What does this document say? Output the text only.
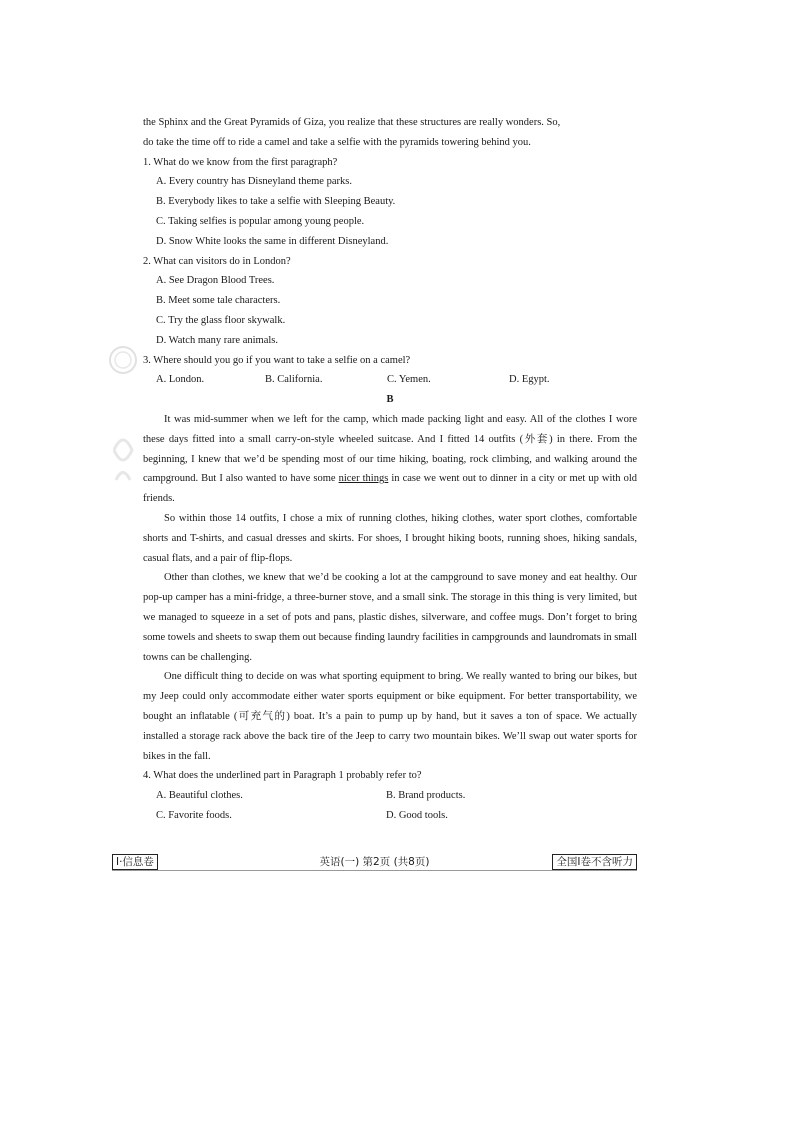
the Sphinx and the Great Pyramids of Giza, you realize that these structures are really wonders. So,

do take the time off to ride a camel and take a selfie with the pyramids towering behind you.

1. What do we know from the first paragraph?

A. Every country has Disneyland theme parks.

B. Everybody likes to take a selfie with Sleeping Beauty.

C. Taking selfies is popular among young people.

D. Snow White looks the same in different Disneyland.

2. What can visitors do in London?

A. See Dragon Blood Trees.

B. Meet some tale characters.

C. Try the glass floor skywalk.

D. Watch many rare animals.

3. Where should you go if you want to take a selfie on a camel?

A. London.	B. California.	C. Yemen.	D. Egypt.

B

It was mid-summer when we left for the camp, which made packing light and easy. All of the clothes I wore these days fitted into a small carry-on-style wheeled suitcase. And I fitted 14 outfits (外套) in there. From the beginning, I knew that we’d be spending most of our time hiking, boating, rock climbing, and walking around the campground. But I also wanted to have some nicer things in case we went out to dinner in a city or met up with old friends.

So within those 14 outfits, I chose a mix of running clothes, hiking clothes, water sport clothes, comfortable shorts and T-shirts, and casual dresses and skirts. For shoes, I brought hiking boots, running shoes, hiking sandals, casual flats, and a pair of flip-flops.

Other than clothes, we knew that we’d be cooking a lot at the campground to save money and eat healthy. Our pop-up camper has a mini-fridge, a three-burner stove, and a small sink. The storage in this thing is very limited, but we managed to squeeze in a set of pots and pans, plastic dishes, silverware, and coffee mugs. Don’t forget to bring some towels and sheets to swap them out because finding laundry facilities in campgrounds and laundromats in small towns can be challenging.

One difficult thing to decide on was what sporting equipment to bring. We really wanted to bring our bikes, but my Jeep could only accommodate either water sports equipment or bike equipment. For better transportability, we bought an inflatable (可充气的) boat. It’s a pain to pump up by hand, but it saves a ton of space. We actually installed a storage rack above the back tire of the Jeep to carry two mountain bikes. We’ll swap out water sports for bikes in the fall.

4. What does the underlined part in Paragraph 1 probably refer to?

A. Beautiful clothes.	B. Brand products.
C. Favorite foods.	D. Good tools.
Ⅰ·信息卷	英语(一) 第2页 (共8页)	全国Ⅰ卷不含听力
